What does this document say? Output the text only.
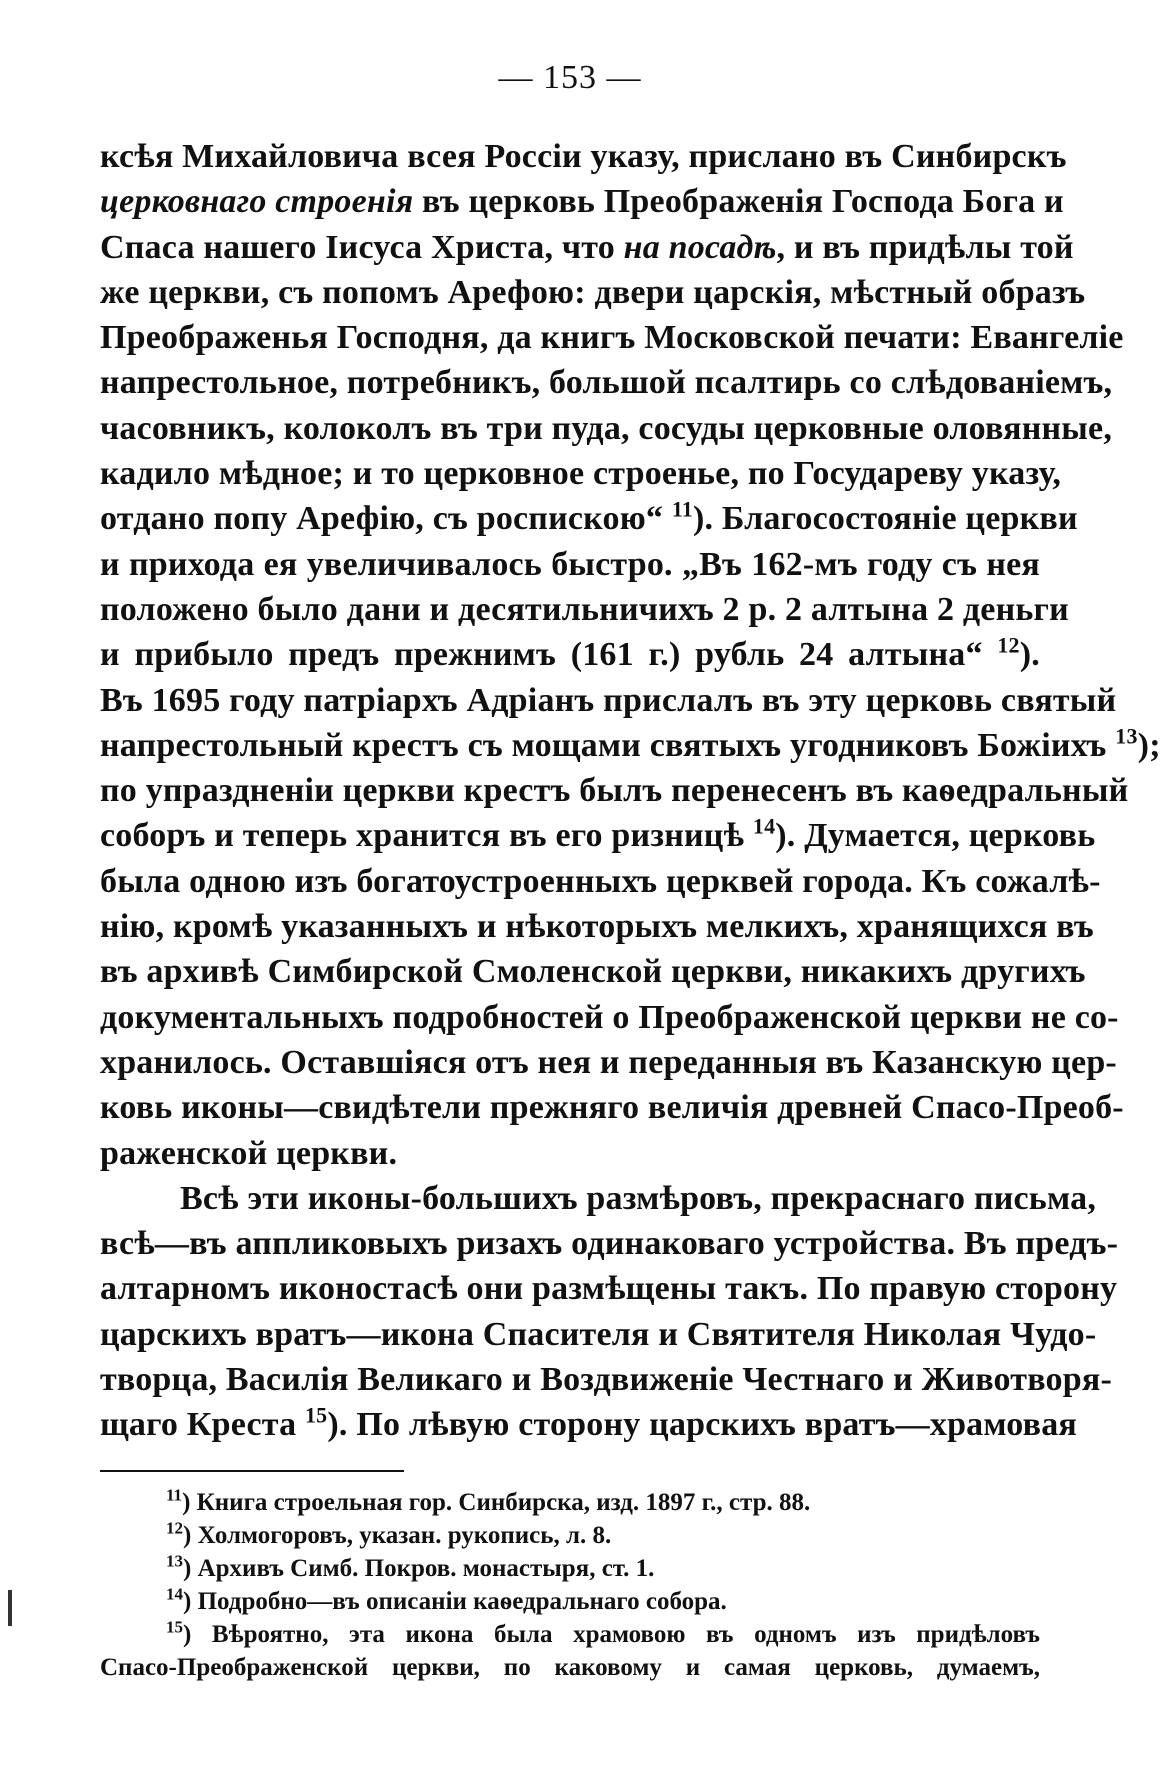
— 153 —
ксѣя Михайловича всея Россіи указу, прислано въ Синбирскъ
церковнаго строенія въ церковь Преображенія Господа Бога и
Спаса нашего Іисуса Христа, что на посадѣ, и въ придѣлы той
же церкви, съ попомъ Арефою: двери царскія, мѣстный образъ
Преображенья Господня, да книгъ Московской печати: Евангеліе
напрестольное, потребникъ, большой псалтирь со слѣдованіемъ,
часовникъ, колоколъ въ три пуда, сосуды церковные оловянные,
кадило мѣдное; и то церковное строенье, по Государеву указу,
отдано попу Арефію, съ роспискою“ $^{11}$). Благосостояніе церкви
и прихода ея увеличивалось быстро. „Въ 162-мъ году съ нея
положено было дани и десятильничихъ 2 р. 2 алтына 2 деньги
и прибыло предъ прежнимъ (161 г.) рубль 24 алтына“ $^{12}$).
Въ 1695 году патріархъ Адріанъ прислалъ въ эту церковь святый
напрестольный крестъ съ мощами святыхъ угодниковъ Божіихъ $^{13}$);
по упраздненіи церкви крестъ былъ перенесенъ въ каѳедральный
соборъ и теперь хранится въ его ризницѣ $^{14}$). Думается, церковь
была одною изъ богатоустроенныхъ церквей города. Къ сожалѣ-
нію, кромѣ указанныхъ и нѣкоторыхъ мелкихъ, хранящихся въ
въ архивѣ Симбирской Смоленской церкви, никакихъ другихъ
документальныхъ подробностей о Преображенской церкви не со-
хранилось. Оставшіяся отъ нея и переданныя въ Казанскую цер-
ковь иконы—свидѣтели прежняго величія древней Спасо-Преоб-
раженской церкви.
Всѣ эти иконы-большихъ размѣровъ, прекраснаго письма,
всѣ—въ аппликовыхъ ризахъ одинаковаго устройства. Въ предъ-
алтарномъ иконостасѣ они размѣщены такъ. По правую сторону
царскихъ вратъ—икона Спасителя и Святителя Николая Чудо-
творца, Василія Великаго и Воздвиженіе Честнаго и Животворя-
щаго Креста $^{15}$). По лѣвую сторону царскихъ вратъ—храмовая
$^{11}$) Книга строельная гор. Синбирска, изд. 1897 г., стр. 88.
$^{12}$) Холмогоровъ, указан. рукопись, л. 8.
$^{13}$) Архивъ Симб. Покров. монастыря, ст. 1.
$^{14}$) Подробно—въ описаніи каѳедральнаго собора.
$^{15}$) Вѣроятно, эта икона была храмовою въ одномъ изъ придѣловъ
Спасо-Преображенской церкви, по каковому и самая церковь, думаемъ,
